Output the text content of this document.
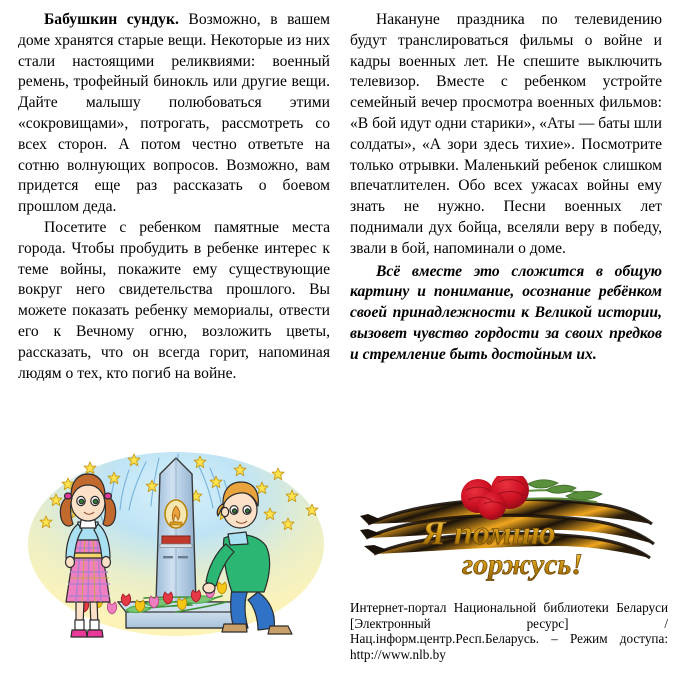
Бабушкин сундук. Возможно, в вашем доме хранятся старые вещи. Некоторые из них стали настоящими реликвиями: военный ремень, трофейный бинокль или другие вещи. Дайте малышу полюбоваться этими «сокровищами», потрогать, рассмотреть со всех сторон. А потом честно ответьте на сотню волнующих вопросов. Возможно, вам придется еще раз рассказать о боевом прошлом деда.

Посетите с ребенком памятные места города. Чтобы пробудить в ребенке интерес к теме войны, покажите ему существующие вокруг него свидетельства прошлого. Вы можете показать ребенку мемориалы, отвести его к Вечному огню, возложить цветы, рассказать, что он всегда горит, напоминая людям о тех, кто погиб на войне.

Накануне праздника по телевидению будут транслироваться фильмы о войне и кадры военных лет. Не спешите выключить телевизор. Вместе с ребенком устройте семейный вечер просмотра военных фильмов: «В бой идут одни старики», «Аты — баты шли солдаты», «А зори здесь тихие». Посмотрите только отрывки. Маленький ребенок слишком впечатлителен. Обо всех ужасах войны ему знать не нужно. Песни военных лет поднимали дух бойца, вселяли веру в победу, звали в бой, напоминали о доме.

Всё вместе это сложится в общую картину и понимание, осознание ребёнком своей принадлежности к Великой истории, вызовет чувство гордости за своих предков и стремление быть достойным их.

Я помню
горжусь!

Интернет-портал Национальной библиотеки Беларуси [Электронный ресурс] / Нац.iнформ.центр.Респ.Беларусь. – Режим доступа: http://www.nlb.by
